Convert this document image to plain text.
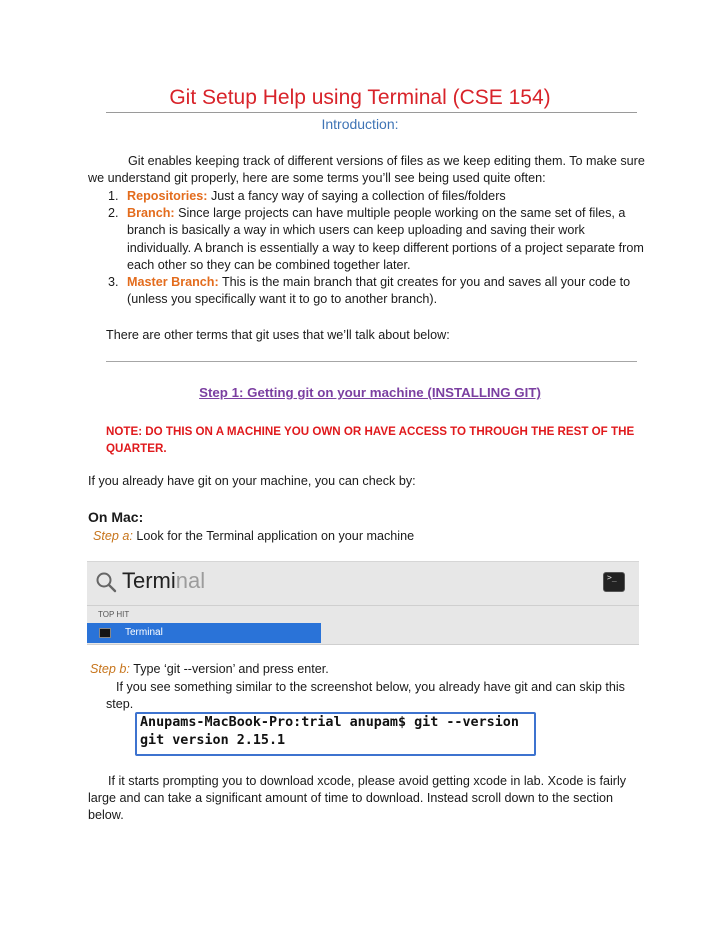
Git Setup Help using Terminal (CSE 154)
Introduction:
Git enables keeping track of different versions of files as we keep editing them. To make sure we understand git properly, here are some terms you’ll see being used quite often:
1. Repositories: Just a fancy way of saying a collection of files/folders
2. Branch: Since large projects can have multiple people working on the same set of files, a branch is basically a way in which users can keep uploading and saving their work individually. A branch is essentially a way to keep different portions of a project separate from each other so they can be combined together later.
3. Master Branch: This is the main branch that git creates for you and saves all your code to (unless you specifically want it to go to another branch).
There are other terms that git uses that we’ll talk about below:
Step 1: Getting git on your machine (INSTALLING GIT)
NOTE: DO THIS ON A MACHINE YOU OWN OR HAVE ACCESS TO THROUGH THE REST OF THE QUARTER.
If you already have git on your machine, you can check by:
On Mac:
Step a: Look for the Terminal application on your machine
Terminal	>_
TOP HIT
Terminal
Step b: Type ‘git --version’ and press enter.
If you see something similar to the screenshot below, you already have git and can skip this step.
Anupams-MacBook-Pro:trial anupam$ git --version
git version 2.15.1
If it starts prompting you to download xcode, please avoid getting xcode in lab. Xcode is fairly large and can take a significant amount of time to download. Instead scroll down to the section below.
